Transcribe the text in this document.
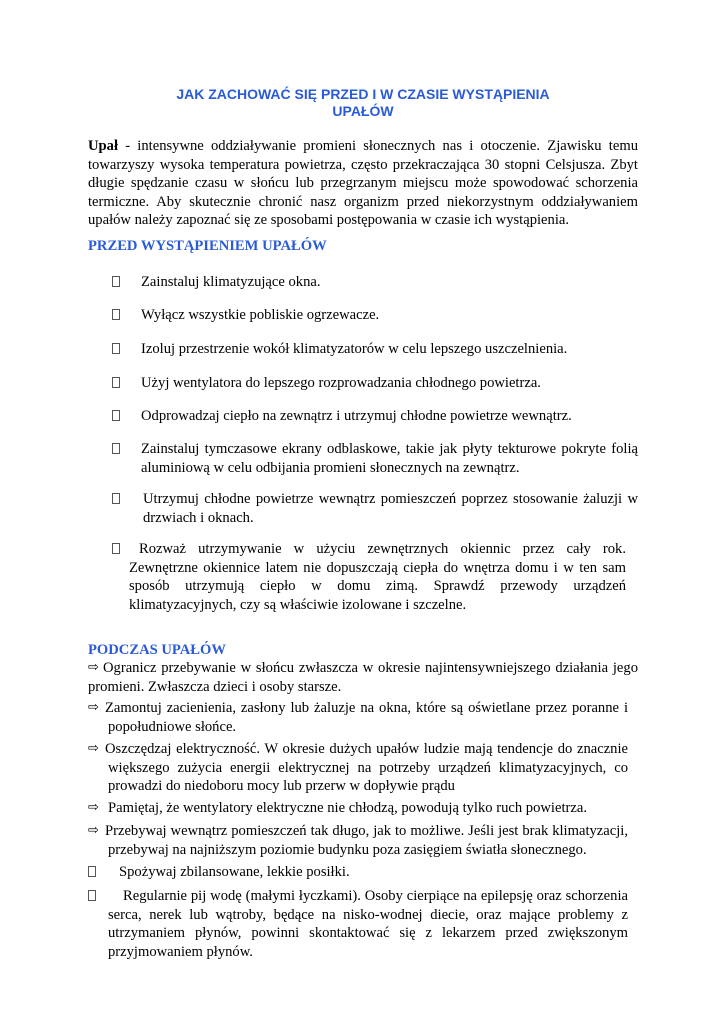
JAK ZACHOWAĆ SIĘ PRZED I W CZASIE WYSTĄPIENIA
UPAŁÓW

Upał - intensywne oddziaływanie promieni słonecznych nas i otoczenie. Zjawisku temu towarzyszy wysoka temperatura powietrza, często przekraczająca 30 stopni Celsjusza. Zbyt długie spędzanie czasu w słońcu lub przegrzanym miejscu może spowodować schorzenia termiczne. Aby skutecznie chronić nasz organizm przed niekorzystnym oddziaływaniem upałów należy zapoznać się ze sposobami postępowania w czasie ich wystąpienia.

PRZED WYSTĄPIENIEM UPAŁÓW
Zainstaluj klimatyzujące okna.
Wyłącz wszystkie pobliskie ogrzewacze.
Izoluj przestrzenie wokół klimatyzatorów w celu lepszego uszczelnienia.
Użyj wentylatora do lepszego rozprowadzania chłodnego powietrza.
Odprowadzaj ciepło na zewnątrz i utrzymuj chłodne powietrze wewnątrz.
Zainstaluj tymczasowe ekrany odblaskowe, takie jak płyty tekturowe pokryte folią aluminiową w celu odbijania promieni słonecznych na zewnątrz.
Utrzymuj chłodne powietrze wewnątrz pomieszczeń poprzez stosowanie żaluzji w drzwiach i oknach.
Rozważ utrzymywanie w użyciu zewnętrznych okiennic przez cały rok. Zewnętrzne okiennice latem nie dopuszczają ciepła do wnętrza domu i w ten sam sposób utrzymują ciepło w domu zimą. Sprawdź przewody urządzeń klimatyzacyjnych, czy są właściwie izolowane i szczelne.
PODCZAS UPAŁÓW
⇨ Ogranicz przebywanie w słońcu zwłaszcza w okresie najintensywniejszego działania jego promieni. Zwłaszcza dzieci i osoby starsze.
⇨ Zamontuj zacienienia, zasłony lub żaluzje na okna, które są oświetlane przez poranne i popołudniowe słońce.
⇨ Oszczędzaj elektryczność. W okresie dużych upałów ludzie mają tendencje do znacznie większego zużycia energii elektrycznej na potrzeby urządzeń klimatyzacyjnych, co prowadzi do niedoboru mocy lub przerw w dopływie prądu
⇨ Pamiętaj, że wentylatory elektryczne nie chłodzą, powodują tylko ruch powietrza.
⇨ Przebywaj wewnątrz pomieszczeń tak długo, jak to możliwe. Jeśli jest brak klimatyzacji, przebywaj na najniższym poziomie budynku poza zasięgiem światła słonecznego.
Spożywaj zbilansowane, lekkie posiłki.
Regularnie pij wodę (małymi łyczkami). Osoby cierpiące na epilepsję oraz schorzenia serca, nerek lub wątroby, będące na nisko-wodnej diecie, oraz mające problemy z utrzymaniem płynów, powinni skontaktować się z lekarzem przed zwiększonym przyjmowaniem płynów.
